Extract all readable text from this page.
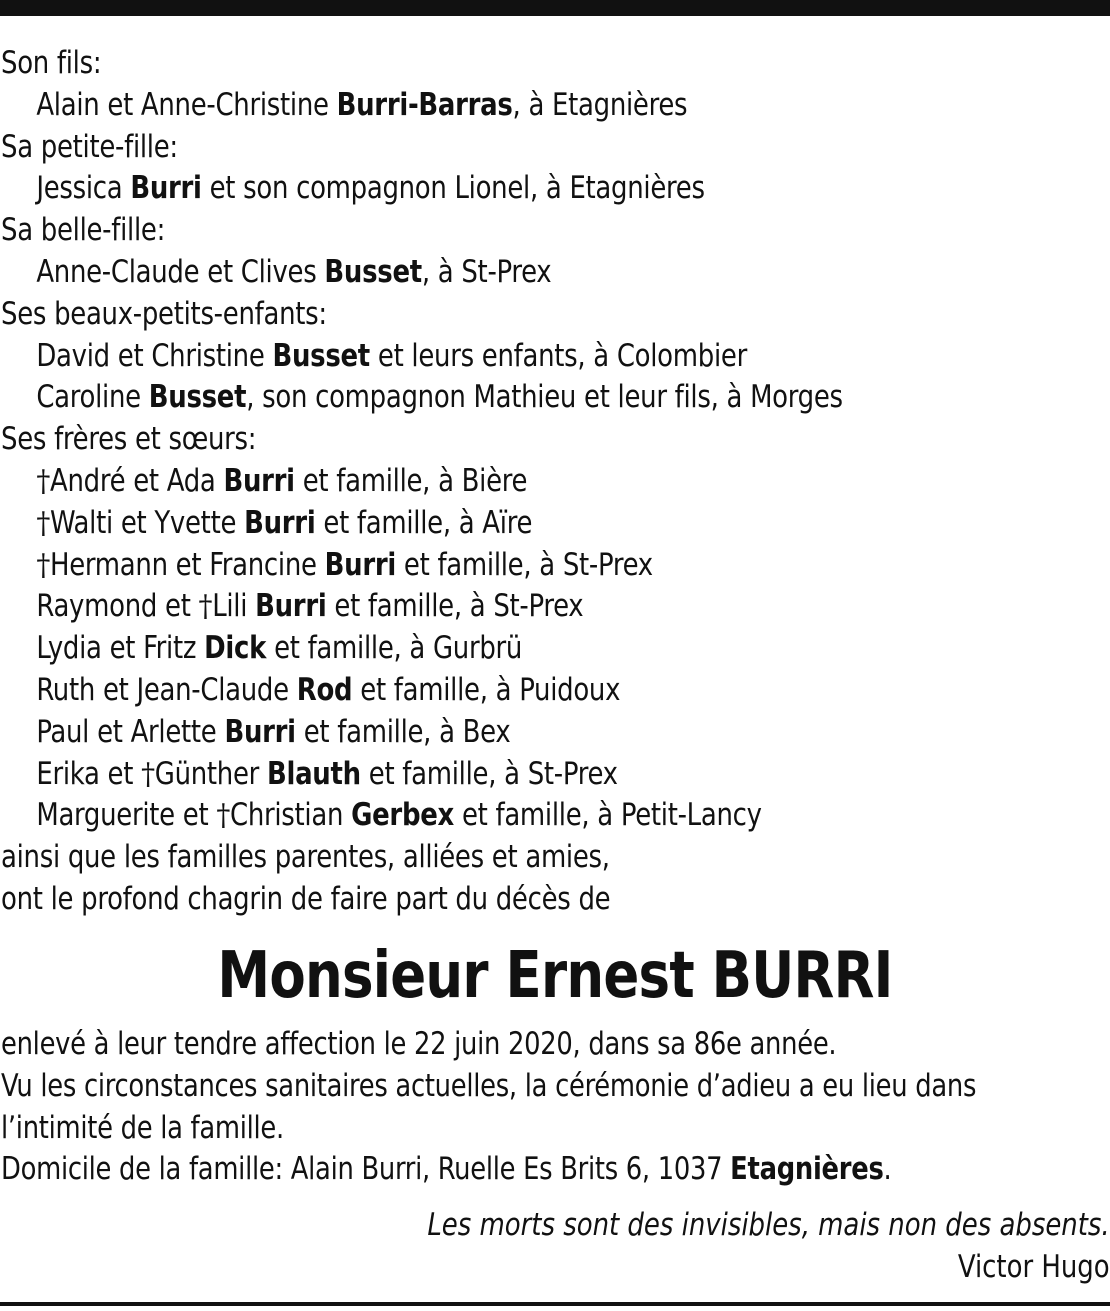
Son fils:
Alain et Anne-Christine Burri-Barras, à Etagnières
Sa petite-fille:
Jessica Burri et son compagnon Lionel, à Etagnières
Sa belle-fille:
Anne-Claude et Clives Busset, à St-Prex
Ses beaux-petits-enfants:
David et Christine Busset et leurs enfants, à Colombier
Caroline Busset, son compagnon Mathieu et leur fils, à Morges
Ses frères et sœurs:
†André et Ada Burri et famille, à Bière
†Walti et Yvette Burri et famille, à Aïre
†Hermann et Francine Burri et famille, à St-Prex
Raymond et †Lili Burri et famille, à St-Prex
Lydia et Fritz Dick et famille, à Gurbrü
Ruth et Jean-Claude Rod et famille, à Puidoux
Paul et Arlette Burri et famille, à Bex
Erika et †Günther Blauth et famille, à St-Prex
Marguerite et †Christian Gerbex et famille, à Petit-Lancy
ainsi que les familles parentes, alliées et amies,
ont le profond chagrin de faire part du décès de
Monsieur Ernest BURRI
enlevé à leur tendre affection le 22 juin 2020, dans sa 86e année.
Vu les circonstances sanitaires actuelles, la cérémonie d’adieu a eu lieu dans
l’intimité de la famille.
Domicile de la famille: Alain Burri, Ruelle Es Brits 6, 1037 Etagnières.
Les morts sont des invisibles, mais non des absents.
Victor Hugo
